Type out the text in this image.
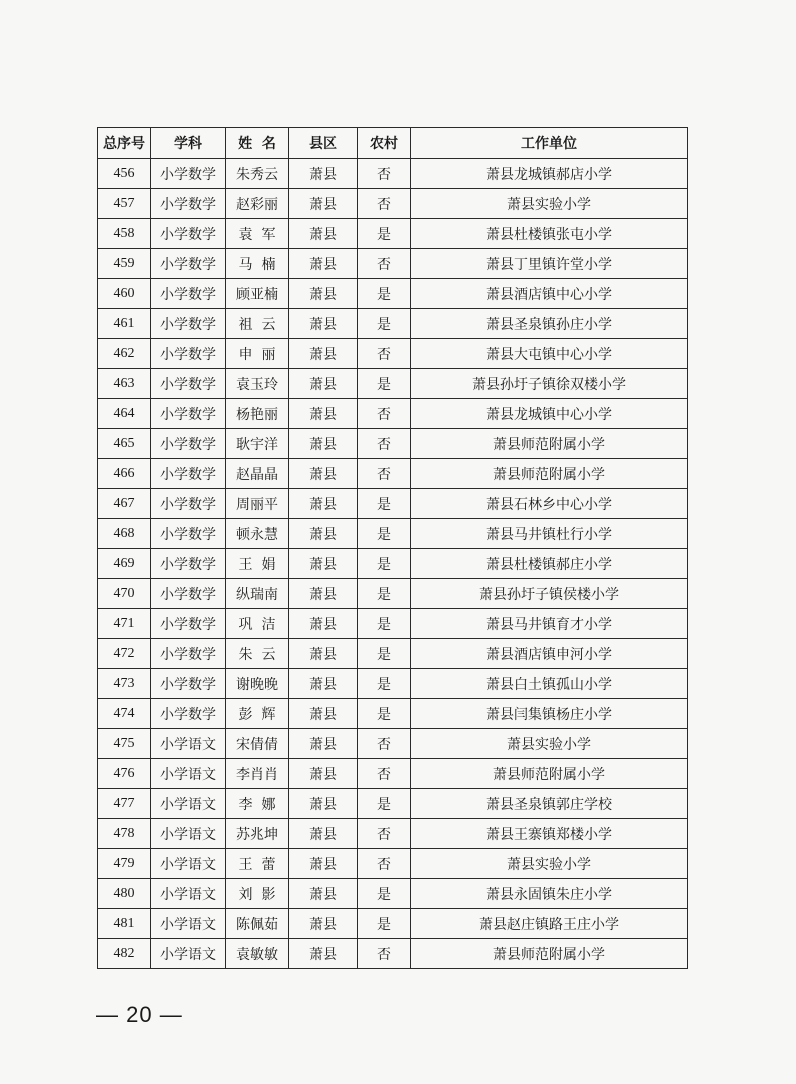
总序号	学科	姓  名	县区	农村	工作单位
456	小学数学	朱秀云	萧县	否	萧县龙城镇郝店小学
457	小学数学	赵彩丽	萧县	否	萧县实验小学
458	小学数学	袁  军	萧县	是	萧县杜楼镇张屯小学
459	小学数学	马  楠	萧县	否	萧县丁里镇许堂小学
460	小学数学	顾亚楠	萧县	是	萧县酒店镇中心小学
461	小学数学	祖  云	萧县	是	萧县圣泉镇孙庄小学
462	小学数学	申  丽	萧县	否	萧县大屯镇中心小学
463	小学数学	袁玉玲	萧县	是	萧县孙圩子镇徐双楼小学
464	小学数学	杨艳丽	萧县	否	萧县龙城镇中心小学
465	小学数学	耿宇洋	萧县	否	萧县师范附属小学
466	小学数学	赵晶晶	萧县	否	萧县师范附属小学
467	小学数学	周丽平	萧县	是	萧县石林乡中心小学
468	小学数学	顿永慧	萧县	是	萧县马井镇杜行小学
469	小学数学	王  娟	萧县	是	萧县杜楼镇郝庄小学
470	小学数学	纵瑞南	萧县	是	萧县孙圩子镇侯楼小学
471	小学数学	巩  洁	萧县	是	萧县马井镇育才小学
472	小学数学	朱  云	萧县	是	萧县酒店镇申河小学
473	小学数学	谢晚晚	萧县	是	萧县白土镇孤山小学
474	小学数学	彭  辉	萧县	是	萧县闫集镇杨庄小学
475	小学语文	宋倩倩	萧县	否	萧县实验小学
476	小学语文	李肖肖	萧县	否	萧县师范附属小学
477	小学语文	李  娜	萧县	是	萧县圣泉镇郭庄学校
478	小学语文	苏兆坤	萧县	否	萧县王寨镇郑楼小学
479	小学语文	王  蕾	萧县	否	萧县实验小学
480	小学语文	刘  影	萧县	是	萧县永固镇朱庄小学
481	小学语文	陈佩茹	萧县	是	萧县赵庄镇路王庄小学
482	小学语文	袁敏敏	萧县	否	萧县师范附属小学
— 20 —
